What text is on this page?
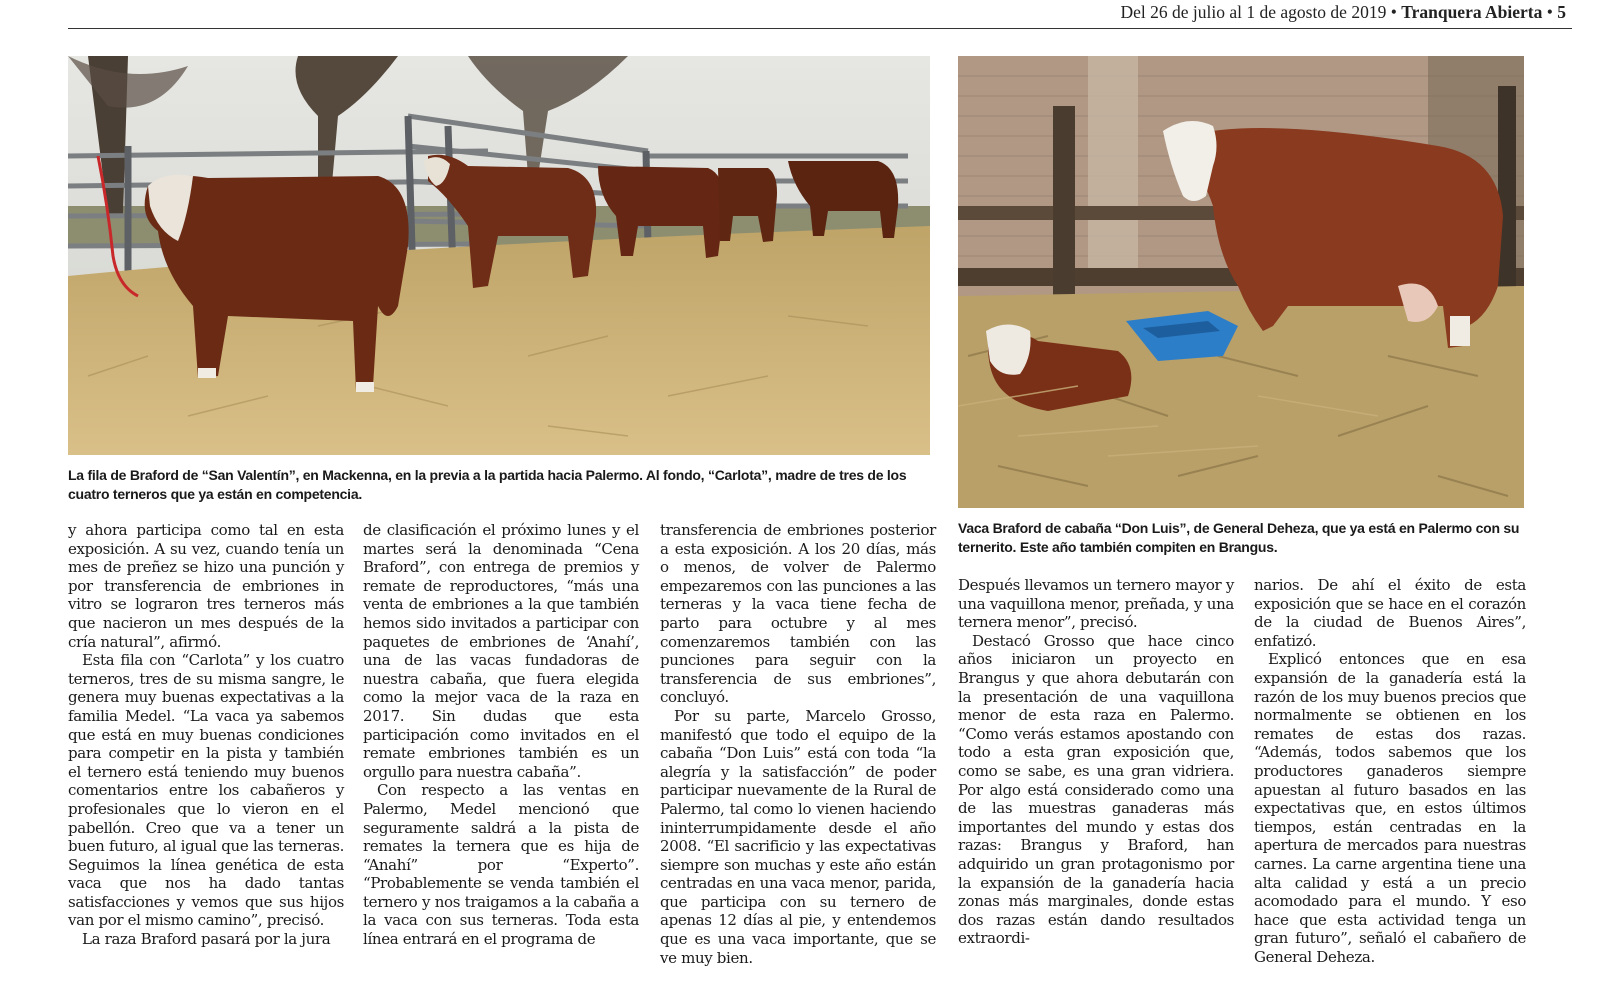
Del 26 de julio al 1 de agosto de 2019 • Tranquera Abierta • 5
La fila de Braford de “San Valentín”, en Mackenna, en la previa a la partida hacia Palermo. Al fondo, “Carlota”, madre de tres de los cuatro terneros que ya están en competencia.
Vaca Braford de cabaña “Don Luis”, de General Deheza, que ya está en Palermo con su ternerito. Este año también compiten en Brangus.

y ahora participa como tal en esta exposición. A su vez, cuando tenía un mes de preñez se hizo una punción y por transferencia de embriones in vitro se lograron tres terneros más que nacieron un mes después de la cría natural”, afirmó.

Esta fila con “Carlota” y los cuatro terneros, tres de su misma sangre, le genera muy buenas expectativas a la familia Medel. “La vaca ya sabemos que está en muy buenas condiciones para competir en la pista y también el ternero está teniendo muy buenos comentarios entre los cabañeros y profesionales que lo vieron en el pabellón. Creo que va a tener un buen futuro, al igual que las terneras. Seguimos la línea genética de esta vaca que nos ha dado tantas satisfacciones y vemos que sus hijos van por el mismo camino”, precisó.

La raza Braford pasará por la jura

de clasificación el próximo lunes y el martes será la denominada “Cena Braford”, con entrega de premios y remate de reproductores, “más una venta de embriones a la que también hemos sido invitados a participar con paquetes de embriones de ‘Anahí’, una de las vacas fundadoras de nuestra cabaña, que fuera elegida como la mejor vaca de la raza en 2017. Sin dudas que esta participación como invitados en el remate embriones también es un orgullo para nuestra cabaña”.

Con respecto a las ventas en Palermo, Medel mencionó que seguramente saldrá a la pista de remates la ternera que es hija de “Anahí” por “Experto”. “Probablemente se venda también el ternero y nos traigamos a la cabaña a la vaca con sus terneras. Toda esta línea entrará en el programa de

transferencia de embriones posterior a esta exposición. A los 20 días, más o menos, de volver de Palermo empezaremos con las punciones a las terneras y la vaca tiene fecha de parto para octubre y al mes comenzaremos también con las punciones para seguir con la transferencia de sus embriones”, concluyó.

Por su parte, Marcelo Grosso, manifestó que todo el equipo de la cabaña “Don Luis” está con toda “la alegría y la satisfacción” de poder participar nuevamente de la Rural de Palermo, tal como lo vienen haciendo ininterrumpidamente desde el año 2008. “El sacrificio y las expectativas siempre son muchas y este año están centradas en una vaca menor, parida, que participa con su ternero de apenas 12 días al pie, y entendemos que es una vaca importante, que se ve muy bien.

Después llevamos un ternero mayor y una vaquillona menor, preñada, y una ternera menor”, precisó.

Destacó Grosso que hace cinco años iniciaron un proyecto en Brangus y que ahora debutarán con la presentación de una vaquillona menor de esta raza en Palermo. “Como verás estamos apostando con todo a esta gran exposición que, como se sabe, es una gran vidriera. Por algo está considerado como una de las muestras ganaderas más importantes del mundo y estas dos razas: Brangus y Braford, han adquirido un gran protagonismo por la expansión de la ganadería hacia zonas más marginales, donde estas dos razas están dando resultados extraordi-

narios. De ahí el éxito de esta exposición que se hace en el corazón de la ciudad de Buenos Aires”, enfatizó.

Explicó entonces que en esa expansión de la ganadería está la razón de los muy buenos precios que normalmente se obtienen en los remates de estas dos razas. “Además, todos sabemos que los productores ganaderos siempre apuestan al futuro basados en las expectativas que, en estos últimos tiempos, están centradas en la apertura de mercados para nuestras carnes. La carne argentina tiene una alta calidad y está a un precio acomodado para el mundo. Y eso hace que esta actividad tenga un gran futuro”, señaló el cabañero de General Deheza.
